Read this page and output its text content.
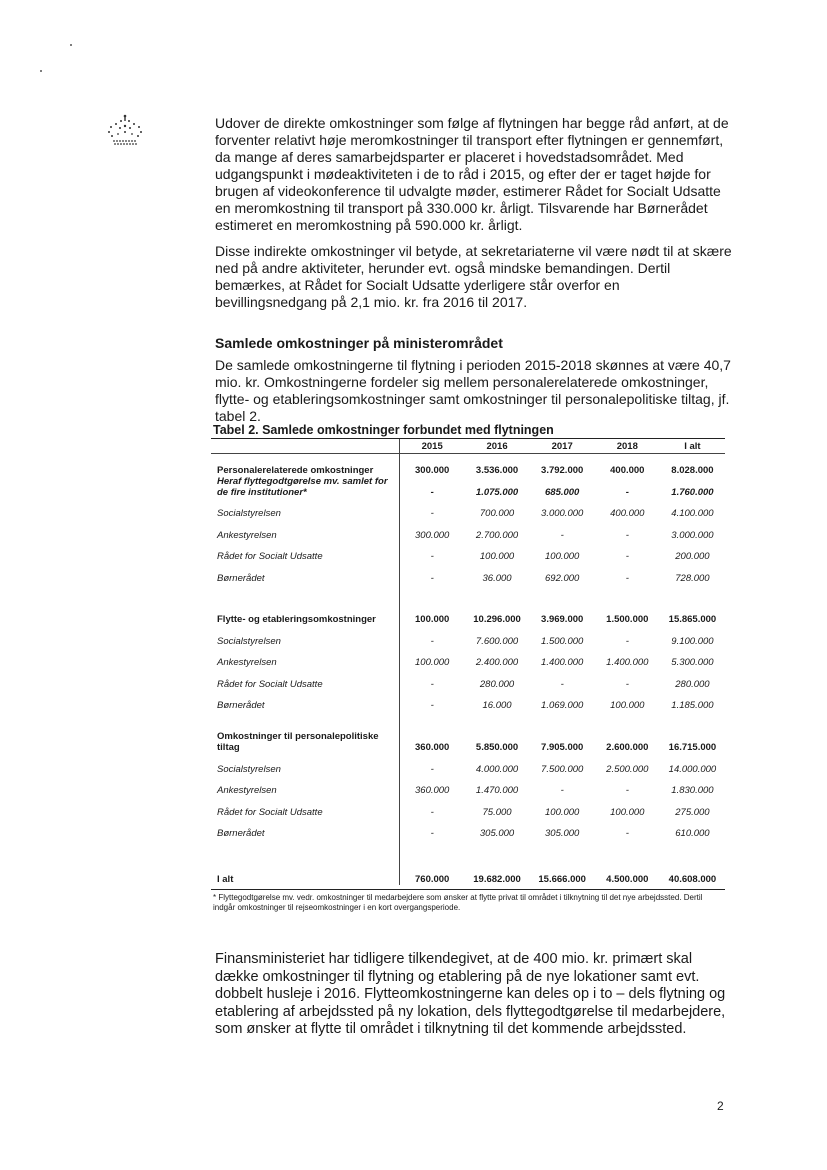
Udover de direkte omkostninger som følge af flytningen har begge råd anført, at de forventer relativt høje meromkostninger til transport efter flytningen er gennemført, da mange af deres samarbejdsparter er placeret i hovedstadsområdet. Med udgangspunkt i mødeaktiviteten i de to råd i 2015, og efter der er taget højde for brugen af videokonference til udvalgte møder, estimerer Rådet for Socialt Udsatte en meromkostning til transport på 330.000 kr. årligt. Tilsvarende har Børnerådet estimeret en meromkostning på 590.000 kr. årligt.

Disse indirekte omkostninger vil betyde, at sekretariaterne vil være nødt til at skære ned på andre aktiviteter, herunder evt. også mindske bemandingen. Dertil bemærkes, at Rådet for Socialt Udsatte yderligere står overfor en bevillingsnedgang på 2,1 mio. kr. fra 2016 til 2017.

Samlede omkostninger på ministerområdet

De samlede omkostningerne til flytning i perioden 2015-2018 skønnes at være 40,7 mio. kr. Omkostningerne fordeler sig mellem personalerelaterede omkostninger, flytte- og etableringsomkostninger samt omkostninger til personalepolitiske tiltag, jf. tabel 2.

Tabel 2. Samlede omkostninger forbundet med flytningen

	2015	2016	2017	2018	I alt
Personalerelaterede omkostninger	300.000	3.536.000	3.792.000	400.000	8.028.000
Heraf flyttegodtgørelse mv. samlet for de fire institutioner*	-	1.075.000	685.000	-	1.760.000
Socialstyrelsen	-	700.000	3.000.000	400.000	4.100.000
Ankestyrelsen	300.000	2.700.000	-	-	3.000.000
Rådet for Socialt Udsatte	-	100.000	100.000	-	200.000
Børnerådet	-	36.000	692.000	-	728.000

Flytte- og etableringsomkostninger	100.000	10.296.000	3.969.000	1.500.000	15.865.000
Socialstyrelsen	-	7.600.000	1.500.000	-	9.100.000
Ankestyrelsen	100.000	2.400.000	1.400.000	1.400.000	5.300.000
Rådet for Socialt Udsatte	-	280.000	-	-	280.000
Børnerådet	-	16.000	1.069.000	100.000	1.185.000

Omkostninger til personalepolitiske tiltag	360.000	5.850.000	7.905.000	2.600.000	16.715.000
Socialstyrelsen	-	4.000.000	7.500.000	2.500.000	14.000.000
Ankestyrelsen	360.000	1.470.000	-	-	1.830.000
Rådet for Socialt Udsatte	-	75.000	100.000	100.000	275.000
Børnerådet	-	305.000	305.000	-	610.000

I alt	760.000	19.682.000	15.666.000	4.500.000	40.608.000

* Flyttegodtgørelse mv. vedr. omkostninger til medarbejdere som ønsker at flytte privat til området i tilknytning til det nye arbejdssted. Dertil indgår omkostninger til rejseomkostninger i en kort overgangsperiode.

Finansministeriet har tidligere tilkendegivet, at de 400 mio. kr. primært skal dække omkostninger til flytning og etablering på de nye lokationer samt evt. dobbelt husleje i 2016. Flytteomkostningerne kan deles op i to – dels flytning og etablering af arbejdssted på ny lokation, dels flyttegodtgørelse til medarbejdere, som ønsker at flytte til området i tilknytning til det kommende arbejdssted.

2
